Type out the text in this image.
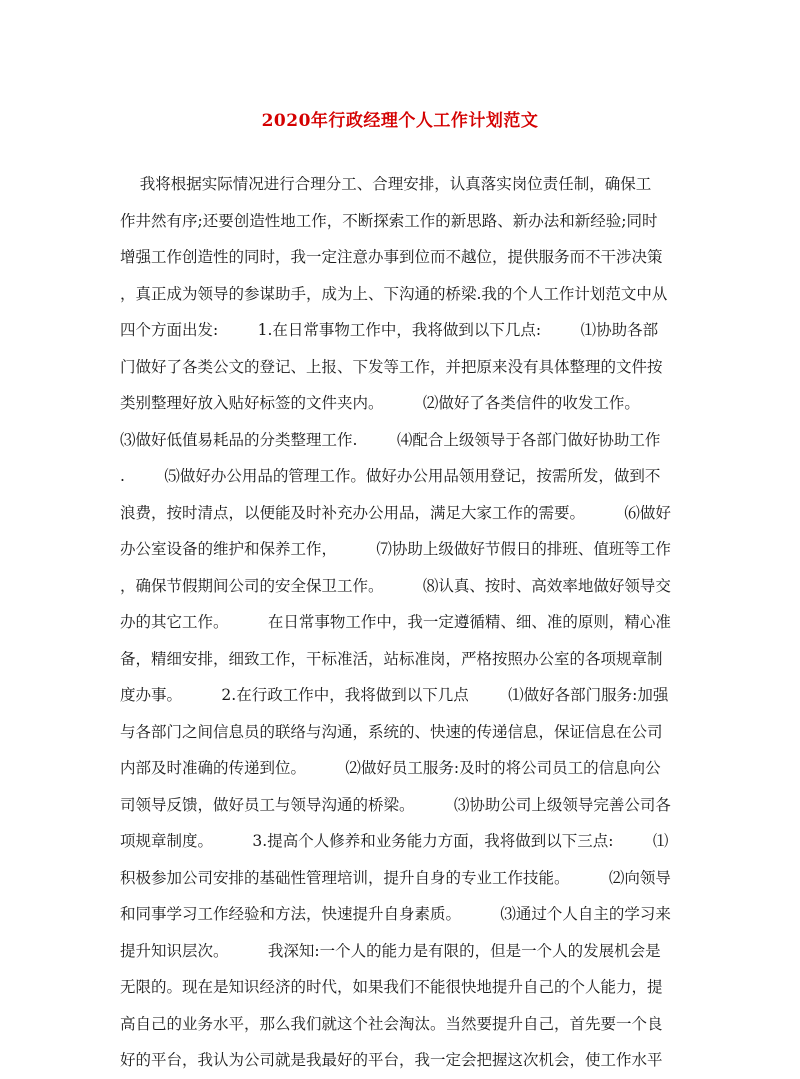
2020年行政经理个人工作计划范文
我将根据实际情况进行合理分工、合理安排，认真落实岗位责任制，确保工
作井然有序;还要创造性地工作，不断探索工作的新思路、新办法和新经验;同时
增强工作创造性的同时，我一定注意办事到位而不越位，提供服务而不干涉决策
，真正成为领导的参谋助手，成为上、下沟通的桥梁.我的个人工作计划范文中从
四个方面出发:        1.在日常事物工作中，我将做到以下几点:        ⑴协助各部
门做好了各类公文的登记、上报、下发等工作，并把原来没有具体整理的文件按
类别整理好放入贴好标签的文件夹内。        ⑵做好了各类信件的收发工作。
⑶做好低值易耗品的分类整理工作.        ⑷配合上级领导于各部门做好协助工作
.        ⑸做好办公用品的管理工作。做好办公用品领用登记，按需所发，做到不
浪费，按时清点，以便能及时补充办公用品，满足大家工作的需要。        ⑹做好
办公室设备的维护和保养工作，        ⑺协助上级做好节假日的排班、值班等工作
，确保节假期间公司的安全保卫工作。        ⑻认真、按时、高效率地做好领导交
办的其它工作。        在日常事物工作中，我一定遵循精、细、准的原则，精心准
备，精细安排，细致工作，干标准活，站标准岗，严格按照办公室的各项规章制
度办事。        2.在行政工作中，我将做到以下几点        ⑴做好各部门服务:加强
与各部门之间信息员的联络与沟通，系统的、快速的传递信息，保证信息在公司
内部及时准确的传递到位。        ⑵做好员工服务:及时的将公司员工的信息向公
司领导反馈，做好员工与领导沟通的桥梁。        ⑶协助公司上级领导完善公司各
项规章制度。        3.提高个人修养和业务能力方面，我将做到以下三点:        ⑴
积极参加公司安排的基础性管理培训，提升自身的专业工作技能。        ⑵向领导
和同事学习工作经验和方法，快速提升自身素质。        ⑶通过个人自主的学习来
提升知识层次。        我深知:一个人的能力是有限的，但是一个人的发展机会是
无限的。现在是知识经济的时代，如果我们不能很快地提升自己的个人能力，提
高自己的业务水平，那么我们就这个社会淘汰。当然要提升自己，首先要一个良
好的平台，我认为公司就是我最好的平台，我一定会把握这次机会，使工作水平
